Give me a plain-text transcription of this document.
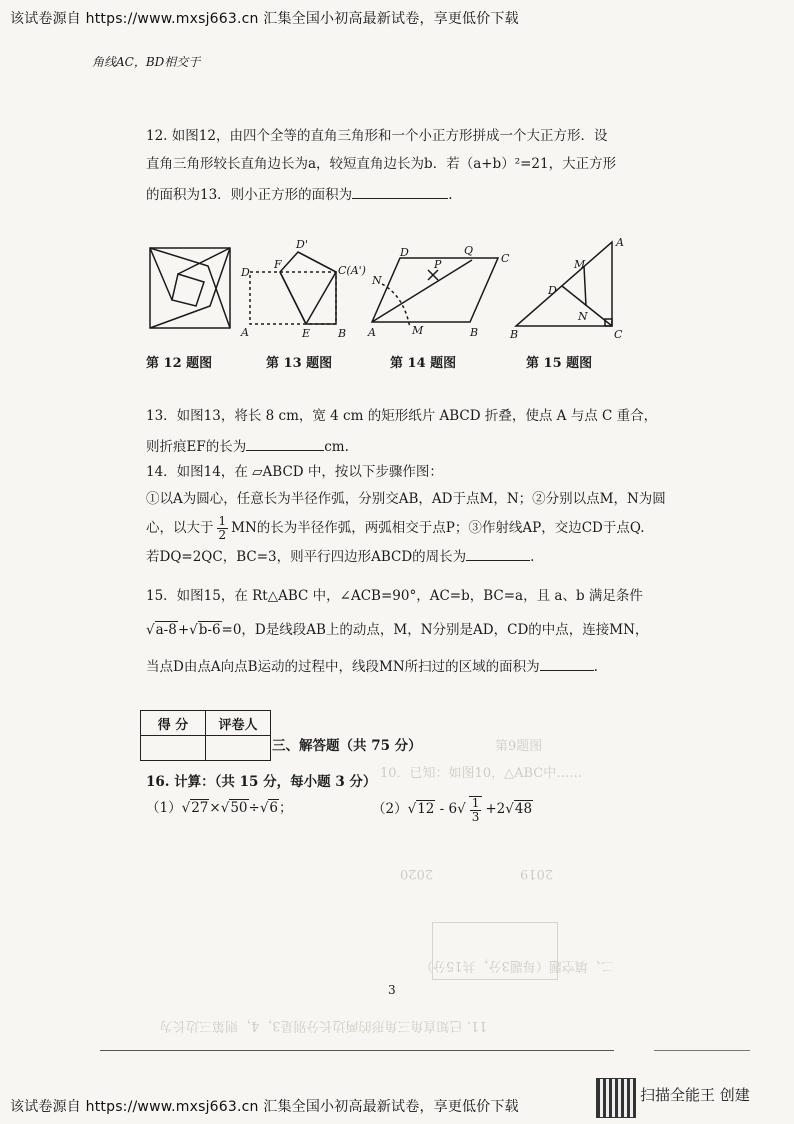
该试卷源自 https://www.mxsj663.cn 汇集全国小初高最新试卷，享更低价下载
角线AC，BD相交于
第9题图
10．已知：如图10，△ABC中……
二、填空题（每题3分，共15分）
11. 已知直角三角形的两边长分别是3，4，则第三边长为
2019
2020
12. 如图12，由四个全等的直角三角形和一个小正方形拼成一个大正方形．设
直角三角形较长直角边长为a，较短直角边长为b．若（a+b）²=21，大正方形
的面积为13．则小正方形的面积为	.
D'
D
F	C(A')
A	E	B
D	Q
C
N
P
A	M	B
A
M
D
N
B	C
第 12 题图	第 13 题图	第 14 题图	第 15 题图
13．如图13，将长 8 cm，宽 4 cm 的矩形纸片 ABCD 折叠，使点 A 与点 C 重合，
则折痕EF的长为	cm.
14．如图14，在 ▱ABCD 中，按以下步骤作图：
①以A为圆心，任意长为半径作弧，分别交AB，AD于点M，N；②分别以点M，N为圆
心，以大于 $\frac{1}{2}$ MN的长为半径作弧，两弧相交于点P；③作射线AP，交边CD于点Q.
若DQ=2QC，BC=3，则平行四边形ABCD的周长为	.
15．如图15，在 Rt△ABC 中，∠ACB=90°，AC=b，BC=a，且 a、b 满足条件
√a-8+√b-6=0，D是线段AB上的动点，M，N分别是AD，CD的中点，连接MN，
当点D由点A向点B运动的过程中，线段MN所扫过的区域的面积为	.
得 分	评卷人

三、解答题（共 75 分）
16. 计算：（共 15 分，每小题 3 分）
（1）√27×√50÷√6；	$(2)√12 - 6√ \frac{1}{3} +2√48$
3
该试卷源自 https://www.mxsj663.cn 汇集全国小初高最新试卷，享更低价下载
扫描全能王 创建
